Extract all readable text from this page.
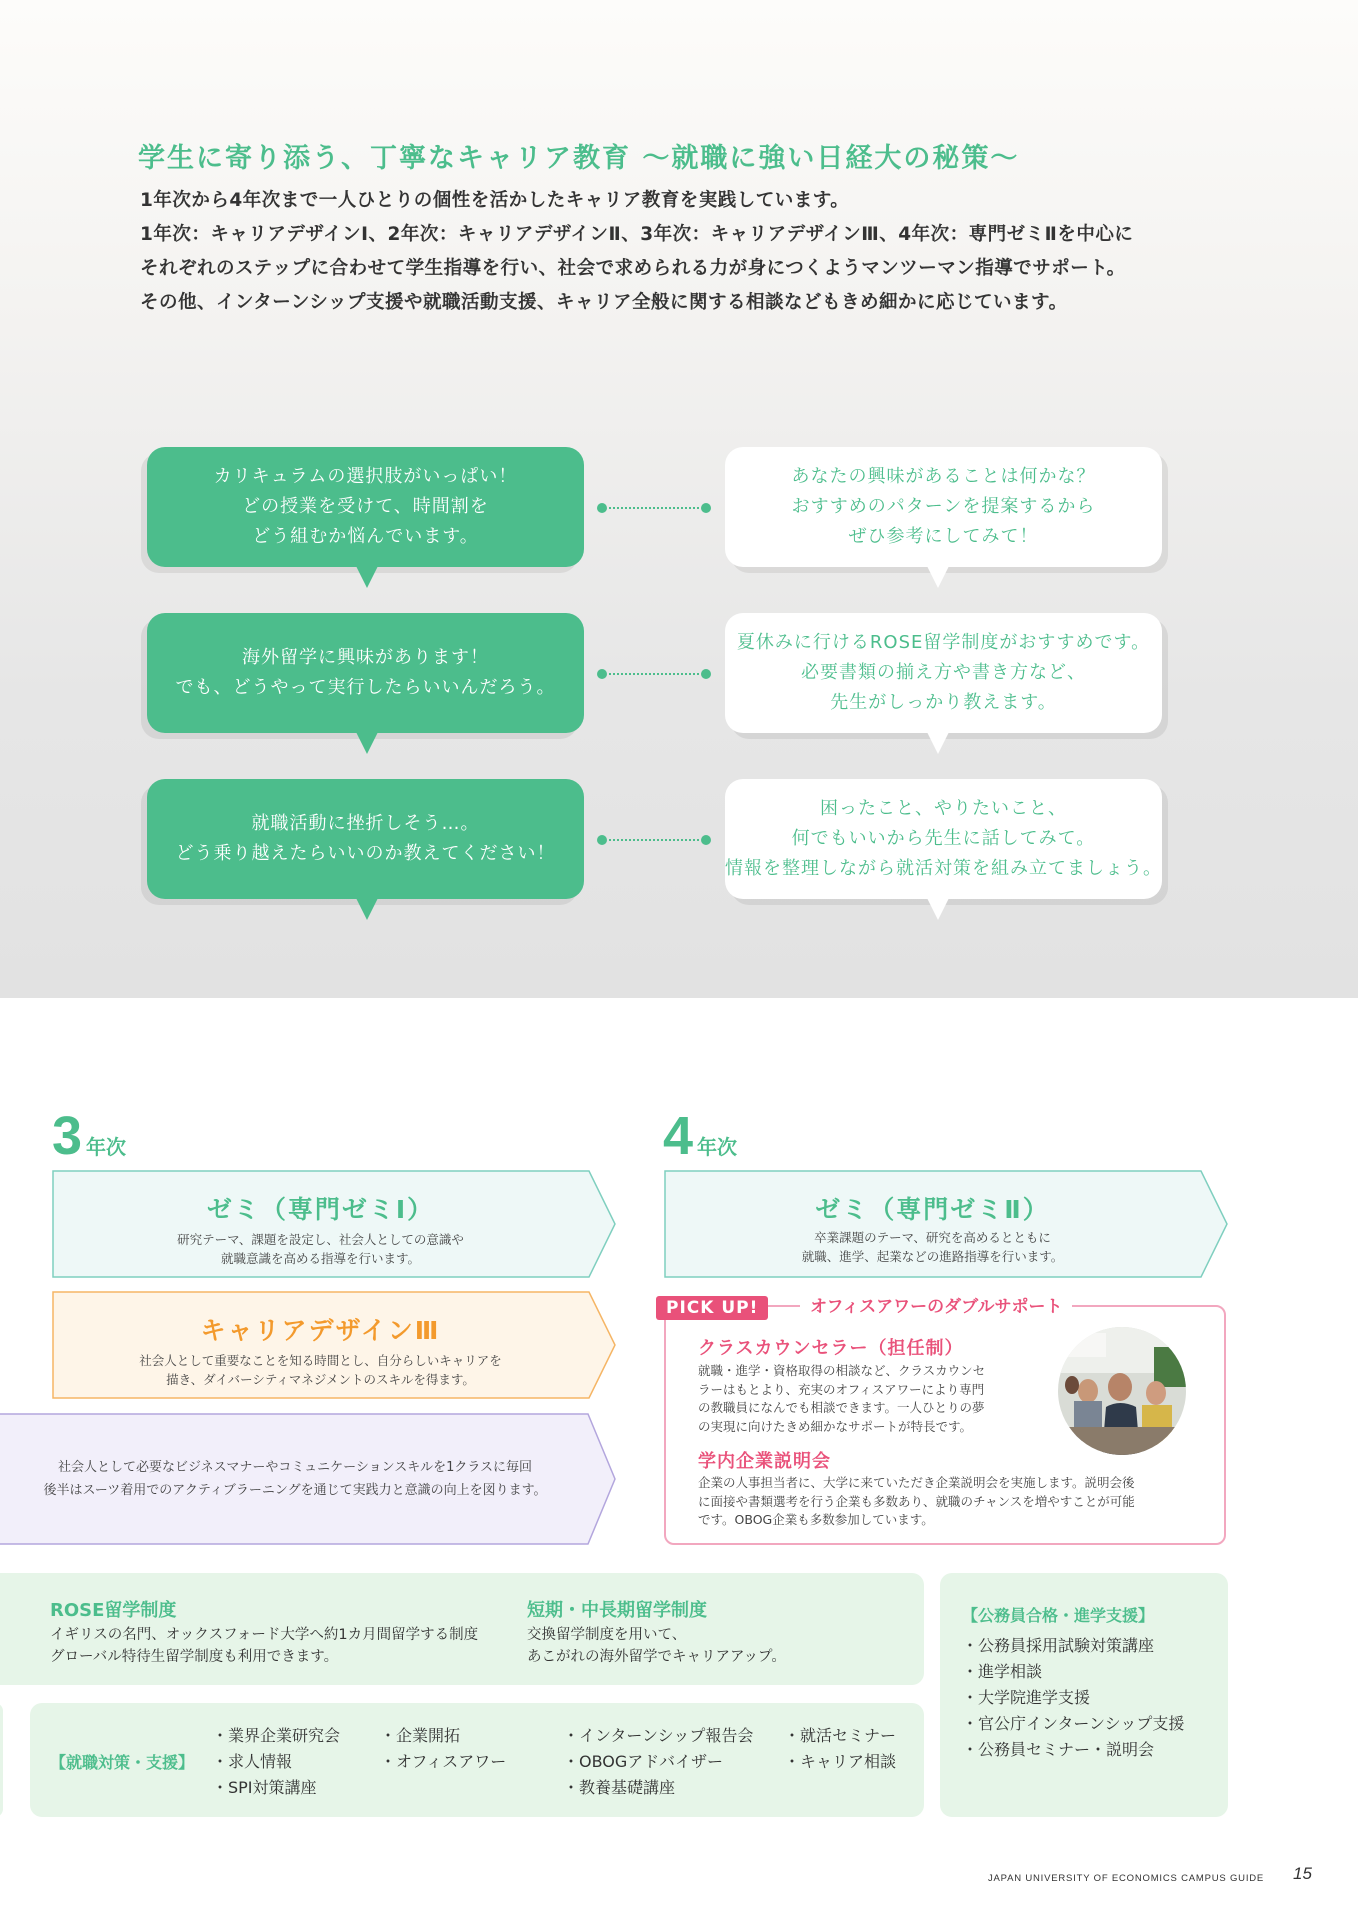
学生に寄り添う、丁寧なキャリア教育 ～就職に強い日経大の秘策～
1年次から4年次まで一人ひとりの個性を活かしたキャリア教育を実践しています。
1年次：キャリアデザインⅠ、2年次：キャリアデザインⅡ、3年次：キャリアデザインⅢ、4年次：専門ゼミⅡを中心に
それぞれのステップに合わせて学生指導を行い、社会で求められる力が身につくようマンツーマン指導でサポート。
その他、インターンシップ支援や就職活動支援、キャリア全般に関する相談などもきめ細かに応じています。
カリキュラムの選択肢がいっぱい！
どの授業を受けて、時間割を
どう組むか悩んでいます。
あなたの興味があることは何かな？
おすすめのパターンを提案するから
ぜひ参考にしてみて！
海外留学に興味があります！
でも、どうやって実行したらいいんだろう。
夏休みに行けるROSE留学制度がおすすめです。
必要書類の揃え方や書き方など、
先生がしっかり教えます。
就職活動に挫折しそう…。
どう乗り越えたらいいのか教えてください！
困ったこと、やりたいこと、
何でもいいから先生に話してみて。
情報を整理しながら就活対策を組み立てましょう。
3 年次	4 年次
ゼミ（専門ゼミⅠ）
研究テーマ、課題を設定し、社会人としての意識や
就職意識を高める指導を行います。
キャリアデザインⅢ
社会人として重要なことを知る時間とし、自分らしいキャリアを
描き、ダイバーシティマネジメントのスキルを得ます。
社会人として必要なビジネスマナーやコミュニケーションスキルを1クラスに毎回
後半はスーツ着用でのアクティブラーニングを通じて実践力と意識の向上を図ります。
ゼミ（専門ゼミⅡ）
卒業課題のテーマ、研究を高めるとともに
就職、進学、起業などの進路指導を行います。
PICK UP!	オフィスアワーのダブルサポート
クラスカウンセラー（担任制）
就職・進学・資格取得の相談など、クラスカウンセ
ラーはもとより、充実のオフィスアワーにより専門
の教職員になんでも相談できます。一人ひとりの夢
の実現に向けたきめ細かなサポートが特長です。
学内企業説明会
企業の人事担当者に、大学に来ていただき企業説明会を実施します。説明会後
に面接や書類選考を行う企業も多数あり、就職のチャンスを増やすことが可能
です。OBOG企業も多数参加しています。
ROSE留学制度
イギリスの名門、オックスフォード大学へ約1カ月間留学する制度
グローバル特待生留学制度も利用できます。
短期・中長期留学制度
交換留学制度を用いて、
あこがれの海外留学でキャリアアップ。
【就職対策・支援】
・業界企業研究会
・求人情報
・SPI対策講座
・企業開拓
・オフィスアワー
・インターンシップ報告会
・OBOGアドバイザー
・教養基礎講座
・就活セミナー
・キャリア相談
【公務員合格・進学支援】
・公務員採用試験対策講座
・進学相談
・大学院進学支援
・官公庁インターンシップ支援
・公務員セミナー・説明会
JAPAN UNIVERSITY OF ECONOMICS CAMPUS GUIDE 15
